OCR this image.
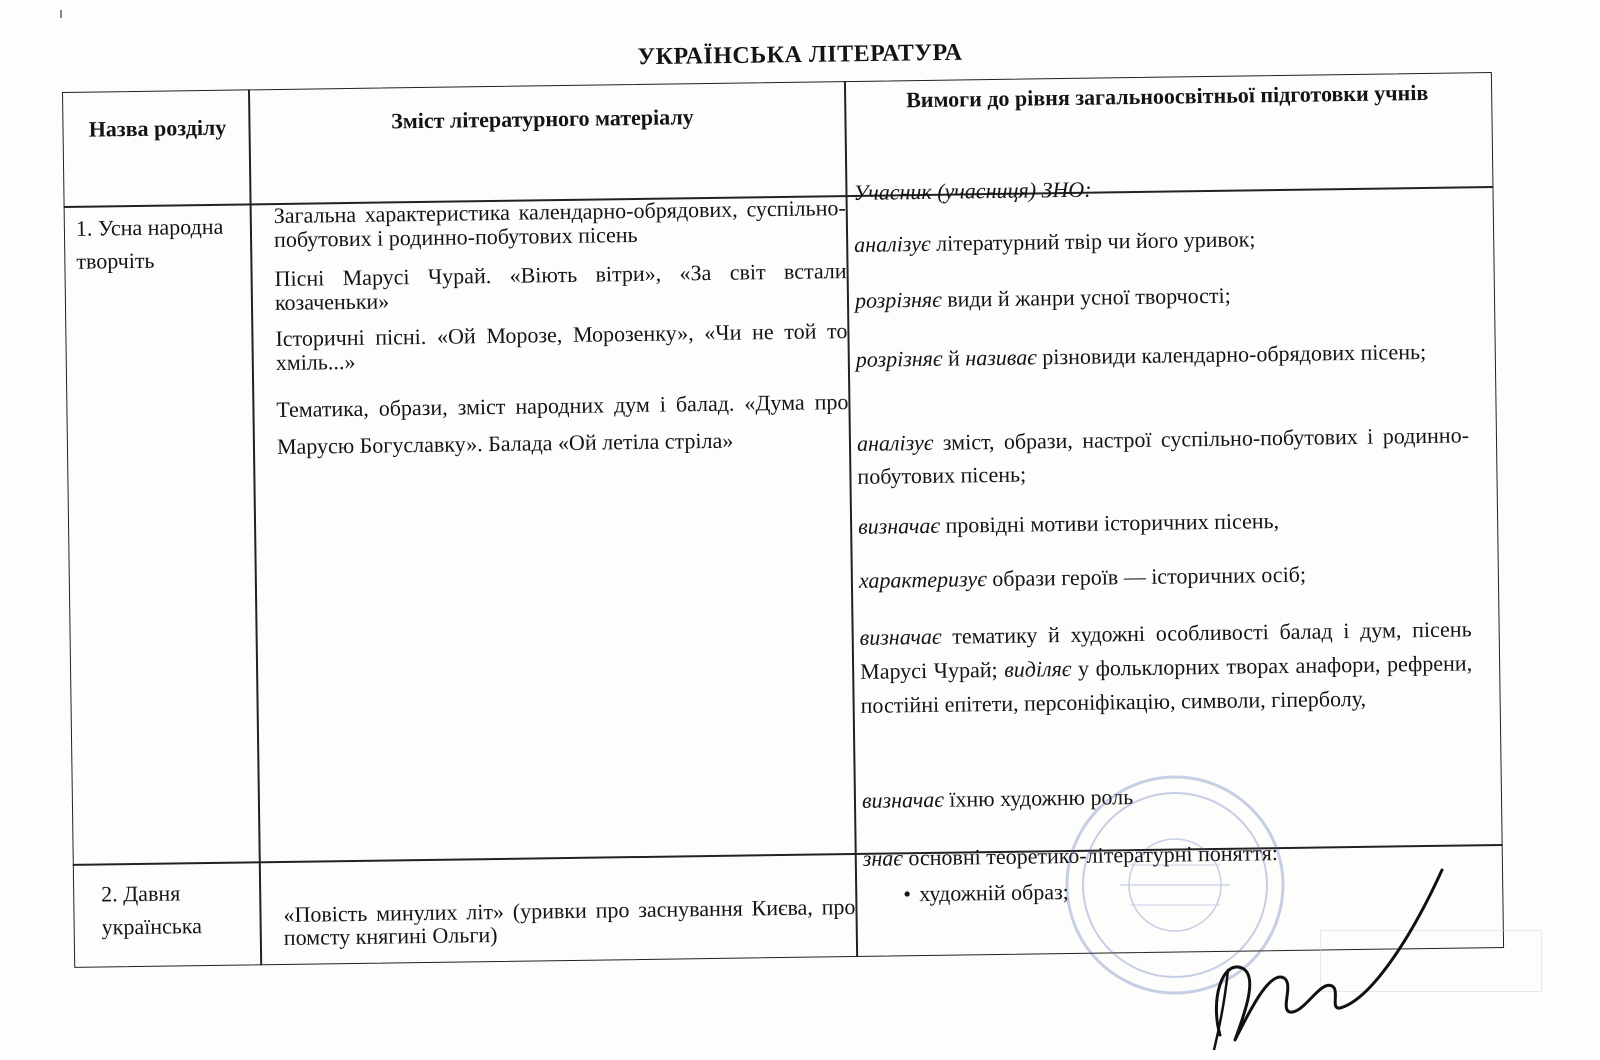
УКРАЇНСЬКА ЛІТЕРАТУРА
Назва розділу	Зміст літературного матеріалу
Вимоги до рівня загальноосвітньої підготовки учнів
1. Усна народна творчіть
2. Давня українська

Загальна характеристика календарно-обрядових, суспільно-побутових і родинно-побутових пісень

Пісні Марусі Чурай. «Віють вітри», «За світ встали козаченьки»

Історичні пісні. «Ой Морозе, Морозенку», «Чи не той то хміль...»

Тематика, образи, зміст народних дум і балад. «Дума про Марусю Богуславку». Балада «Ой летіла стріла»

«Повість минулих літ» (уривки про заснування Києва, про помсту княгині Ольги)

Учасник (учасниця) ЗНО:

аналізує літературний твір чи його уривок;

розрізняє види й жанри усної творчості;

розрізняє й називає різновиди календарно-обрядових пісень;

аналізує зміст, образи, настрої суспільно-побутових і родинно-побутових пісень;

визначає провідні мотиви історичних пісень,

характеризує образи героїв — історичних осіб;

визначає тематику й художні особливості балад і дум, пісень Марусі Чурай; виділяє у фольклорних творах анафори, рефрени, постійні епітети, персоніфікацію, символи, гіперболу,

визначає їхню художню роль

знає основні теоретико-літературні поняття:

• художній образ;
